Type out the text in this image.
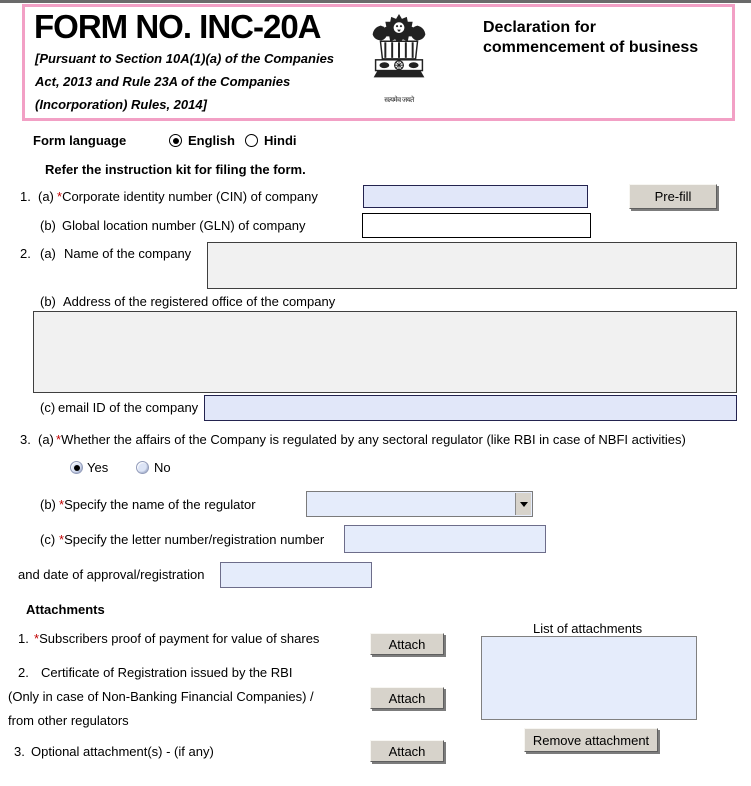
FORM NO. INC-20A
[Pursuant to Section 10A(1)(a) of the Companies
Act, 2013 and Rule 23A of the Companies
(Incorporation) Rules, 2014]	सत्यमेव जयते
Declaration for
commencement of business
Form language	English Hindi
Refer the instruction kit for filing the form.
1. (a) *Corporate identity number (CIN) of company	Pre-fill
(b) Global location number (GLN) of company
2. (a) Name of the company
(b) Address of the registered office of the company
(c) email ID of the company
3. (a) *Whether the affairs of the Company is regulated by any sectoral regulator (like RBI in case of NBFI activities)
Yes	No
(b) *Specify the name of the regulator
(c) *Specify the letter number/registration number
and date of approval/registration
Attachments
1. *Subscribers proof of payment for value of shares	Attach
2. Certificate of Registration issued by the RBI
(Only in case of Non-Banking Financial Companies) /
from other regulators
Attach
3. Optional attachment(s) - (if any)	Attach
List of attachments
Remove attachment
